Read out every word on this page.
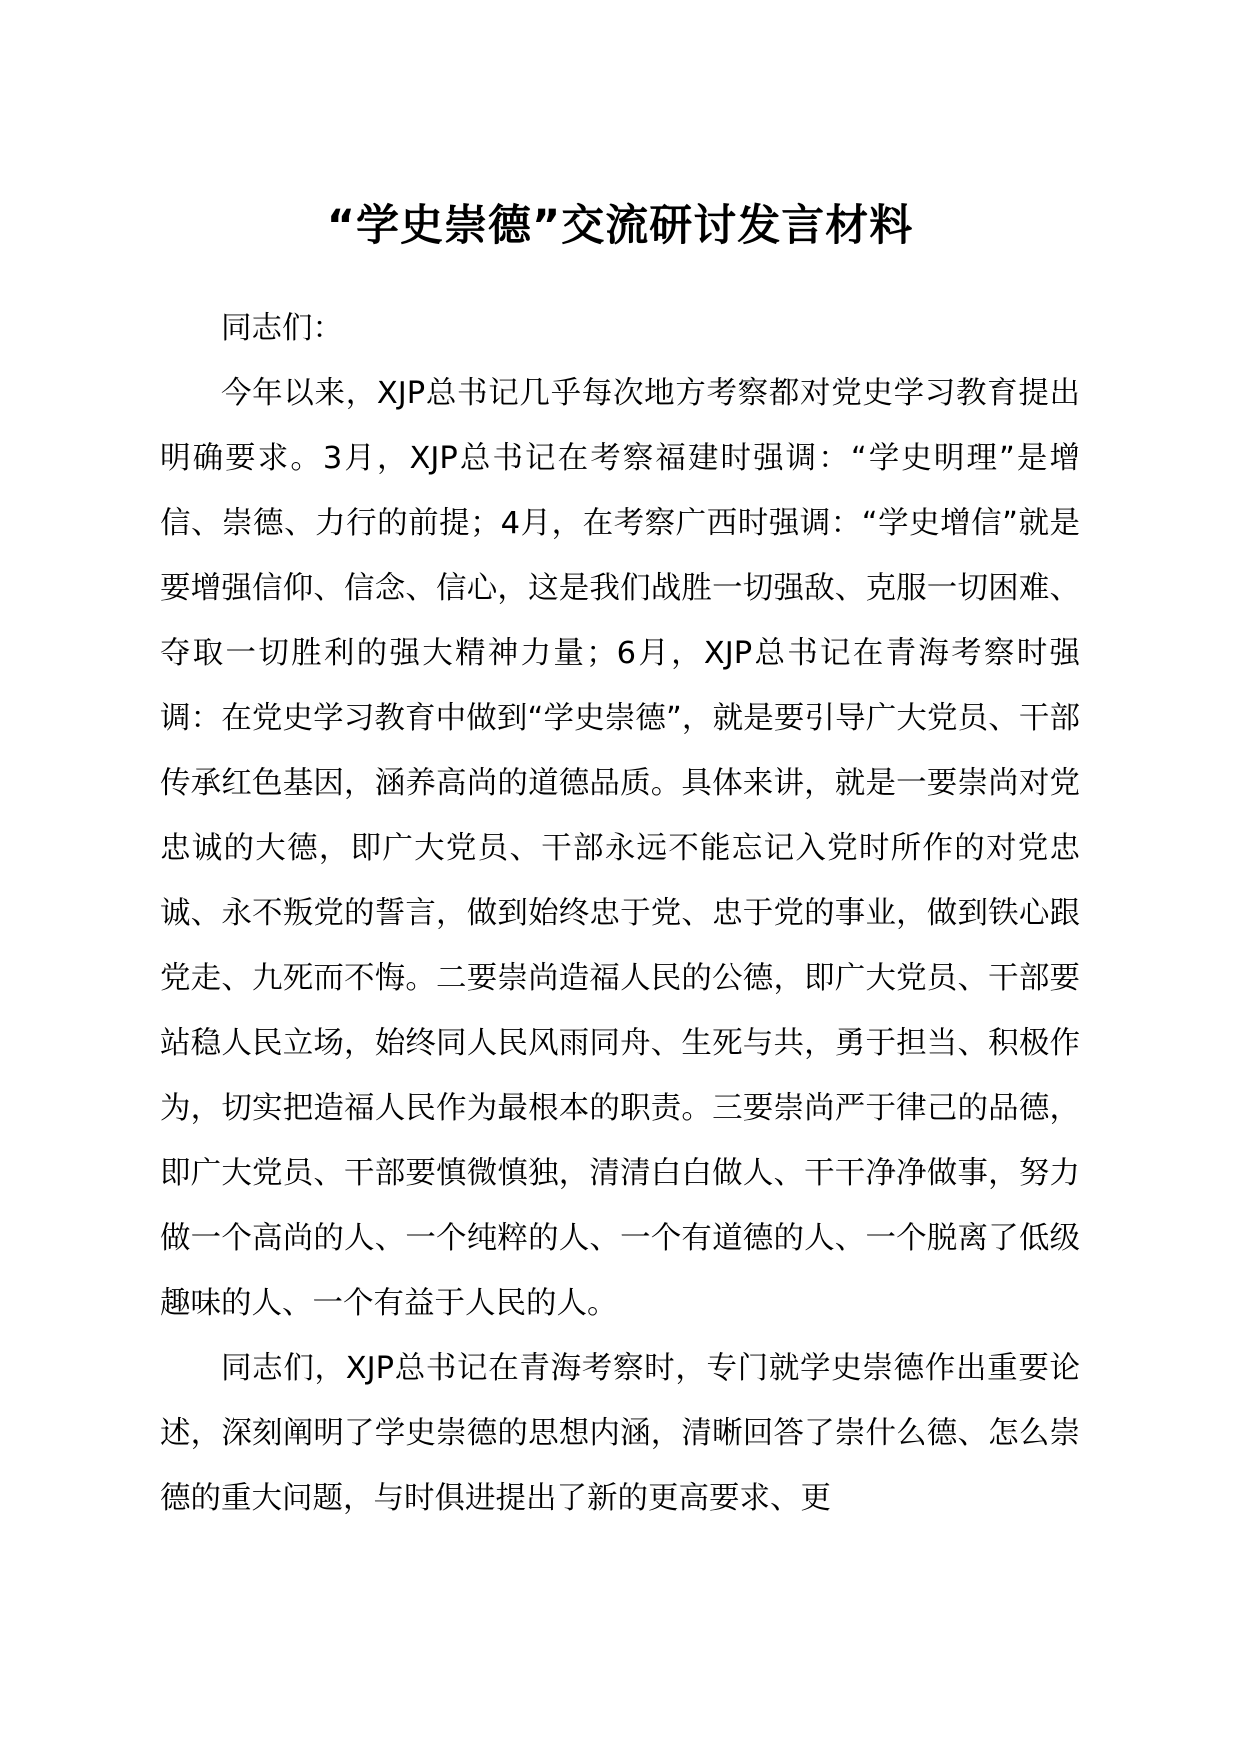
“学史崇德”交流研讨发言材料

同志们：

今年以来，XJP总书记几乎每次地方考察都对党史学习教育提出明确要求。3月，XJP总书记在考察福建时强调：“学史明理”是增信、崇德、力行的前提；4月，在考察广西时强调：“学史增信”就是要增强信仰、信念、信心，这是我们战胜一切强敌、克服一切困难、夺取一切胜利的强大精神力量；6月，XJP总书记在青海考察时强调：在党史学习教育中做到“学史崇德”，就是要引导广大党员、干部传承红色基因，涵养高尚的道德品质。具体来讲，就是一要崇尚对党忠诚的大德，即广大党员、干部永远不能忘记入党时所作的对党忠诚、永不叛党的誓言，做到始终忠于党、忠于党的事业，做到铁心跟党走、九死而不悔。二要崇尚造福人民的公德，即广大党员、干部要站稳人民立场，始终同人民风雨同舟、生死与共，勇于担当、积极作为，切实把造福人民作为最根本的职责。三要崇尚严于律己的品德，即广大党员、干部要慎微慎独，清清白白做人、干干净净做事，努力做一个高尚的人、一个纯粹的人、一个有道德的人、一个脱离了低级趣味的人、一个有益于人民的人。

同志们，XJP总书记在青海考察时，专门就学史崇德作出重要论述，深刻阐明了学史崇德的思想内涵，清晰回答了崇什么德、怎么崇德的重大问题，与时俱进提出了新的更高要求、更
